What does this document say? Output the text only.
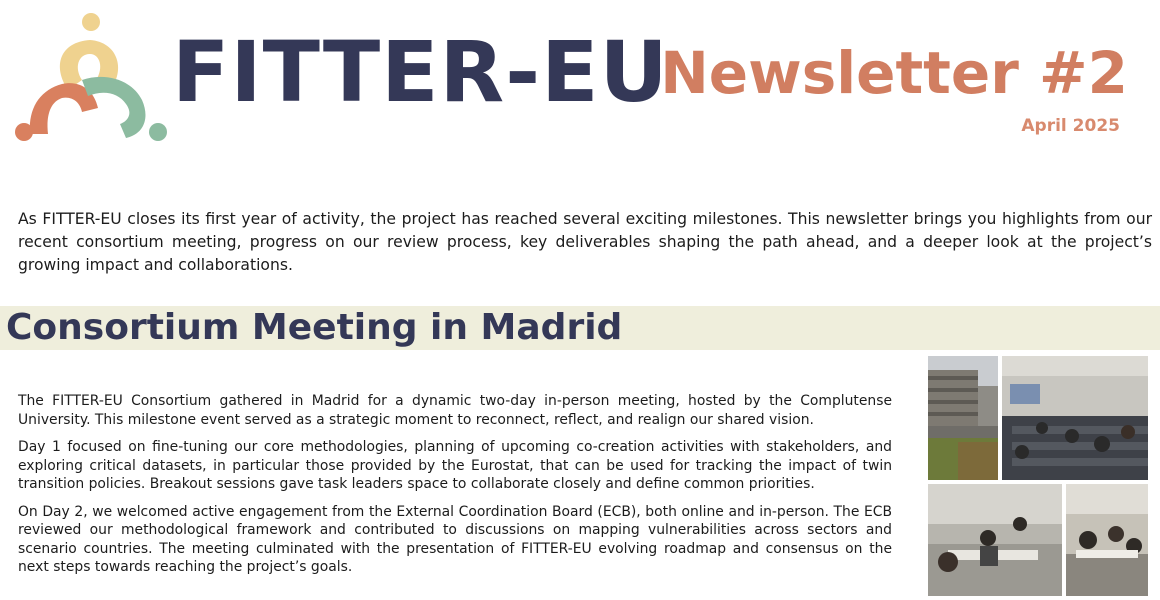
FITTER-EU
Newsletter #2
April 2025

As FITTER-EU closes its first year of activity, the project has reached several exciting milestones. This newsletter brings you highlights from our recent consortium meeting, progress on our review process, key deliverables shaping the path ahead, and a deeper look at the project’s growing impact and collaborations.

Consortium Meeting in Madrid

The FITTER-EU Consortium gathered in Madrid for a dynamic two-day in-person meeting, hosted by the Complutense University. This milestone event served as a strategic moment to reconnect, reflect, and realign our shared vision.

Day 1 focused on fine-tuning our core methodologies, planning of upcoming co-creation activities with stakeholders, and exploring critical datasets, in particular those provided by the Eurostat, that can be used for tracking the impact of twin transition policies. Breakout sessions gave task leaders space to collaborate closely and define common priorities.

On Day 2, we welcomed active engagement from the External Coordination Board (ECB), both online and in-person. The ECB reviewed our methodological framework and contributed to discussions on mapping vulnerabilities across sectors and scenario countries. The meeting culminated with the presentation of FITTER-EU evolving roadmap and consensus on the next steps towards reaching the project’s goals.
